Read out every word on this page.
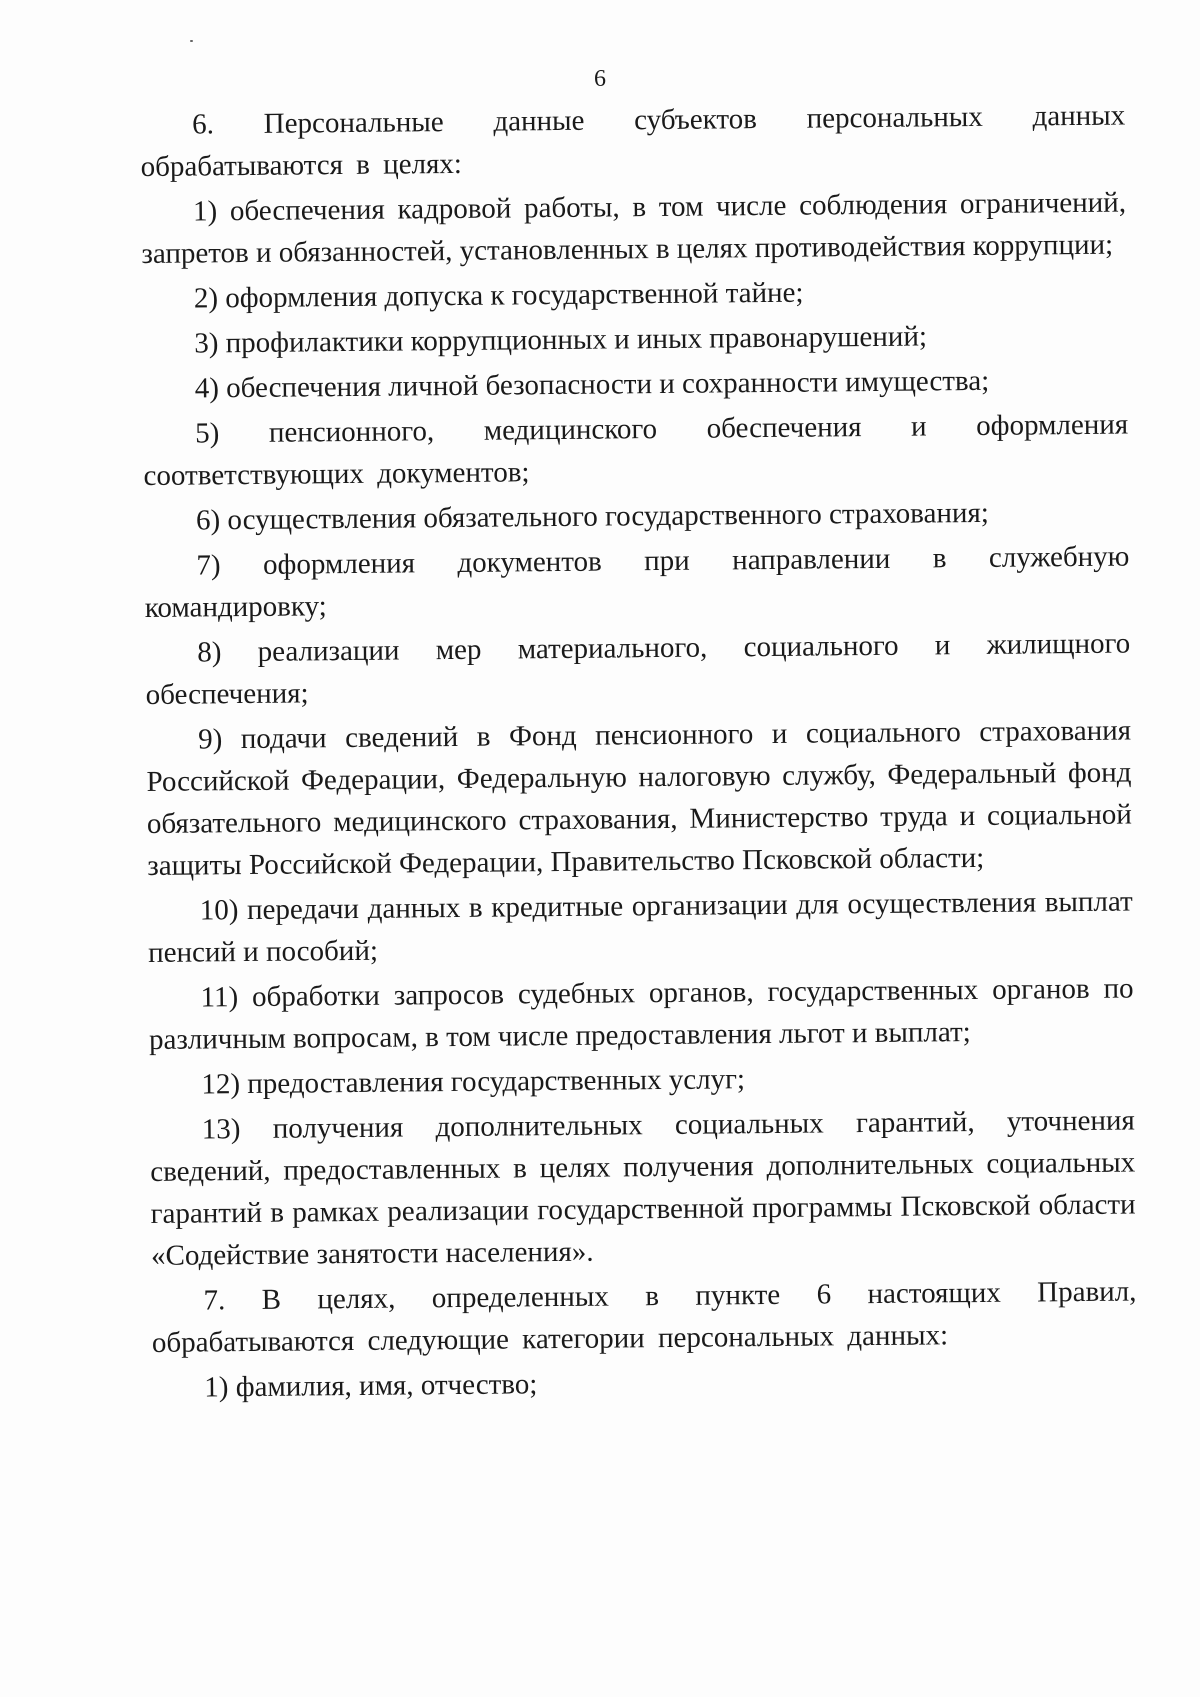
6

6. Персональные данные субъектов персональных данных обрабатываются в целях:

1) обеспечения кадровой работы, в том числе соблюдения ограничений, запретов и обязанностей, установленных в целях противодействия коррупции;

2) оформления допуска к государственной тайне;

3) профилактики коррупционных и иных правонарушений;

4) обеспечения личной безопасности и сохранности имущества;

5) пенсионного, медицинского обеспечения и оформления соответствующих документов;

6) осуществления обязательного государственного страхования;

7) оформления документов при направлении в служебную командировку;

8) реализации мер материального, социального и жилищного обеспечения;

9) подачи сведений в Фонд пенсионного и социального страхования Российской Федерации, Федеральную налоговую службу, Федеральный фонд обязательного медицинского страхования, Министерство труда и социальной защиты Российской Федерации, Правительство Псковской области;

10) передачи данных в кредитные организации для осуществления выплат пенсий и пособий;

11) обработки запросов судебных органов, государственных органов по различным вопросам, в том числе предоставления льгот и выплат;

12) предоставления государственных услуг;

13) получения дополнительных социальных гарантий, уточнения сведений, предоставленных в целях получения дополнительных социальных гарантий в рамках реализации государственной программы Псковской области «Содействие занятости населения».

7. В целях, определенных в пункте 6 настоящих Правил, обрабатываются следующие категории персональных данных:

1) фамилия, имя, отчество;
